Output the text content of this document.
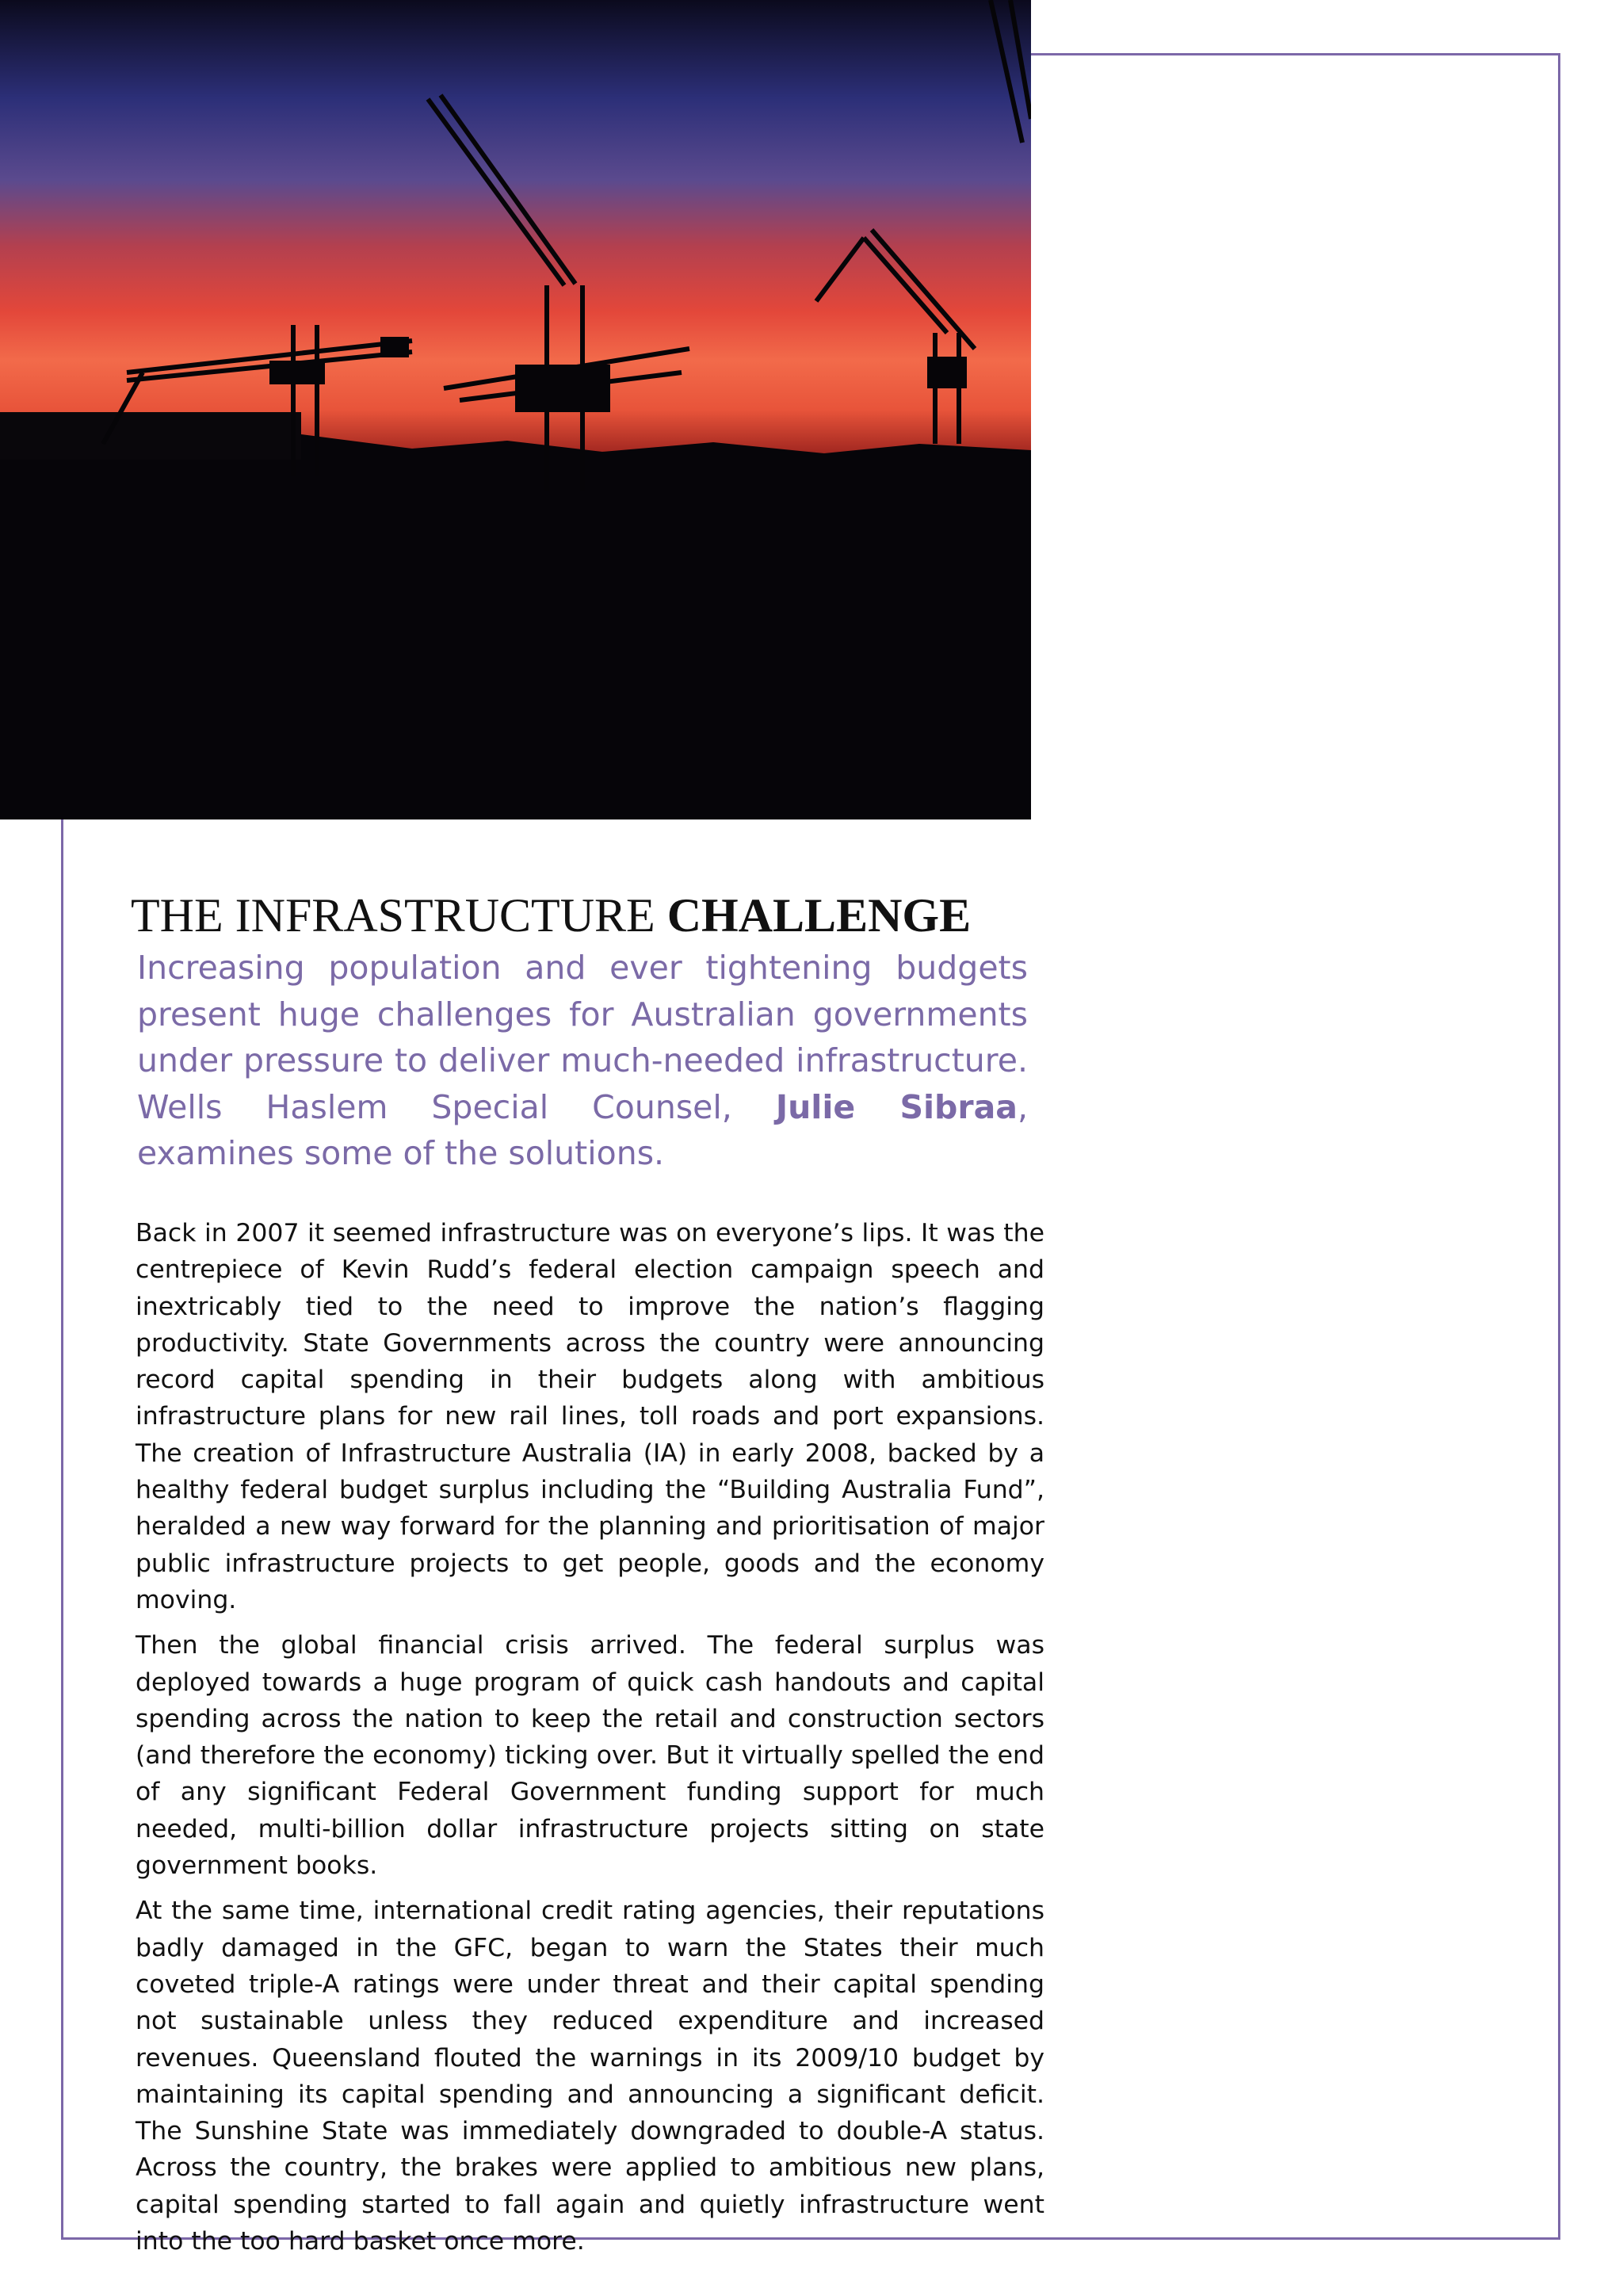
THE INFRASTRUCTURE CHALLENGE

Increasing population and ever tightening budgets present huge challenges for Australian governments under pressure to deliver much-needed infrastructure. Wells Haslem Special Counsel, Julie Sibraa, examines some of the solutions.

Back in 2007 it seemed infrastructure was on everyone’s lips. It was the centrepiece of Kevin Rudd’s federal election campaign speech and inextricably tied to the need to improve the nation’s flagging productivity. State Governments across the country were announcing record capital spending in their budgets along with ambitious infrastructure plans for new rail lines, toll roads and port expansions. The creation of Infrastructure Australia (IA) in early 2008, backed by a healthy federal budget surplus including the “Building Australia Fund”, heralded a new way forward for the planning and prioritisation of major public infrastructure projects to get people, goods and the economy moving.

Then the global financial crisis arrived. The federal surplus was deployed towards a huge program of quick cash handouts and capital spending across the nation to keep the retail and construction sectors (and therefore the economy) ticking over. But it virtually spelled the end of any significant Federal Government funding support for much needed, multi-billion dollar infrastructure projects sitting on state government books.

At the same time, international credit rating agencies, their reputations badly damaged in the GFC, began to warn the States their much coveted triple-A ratings were under threat and their capital spending not sustainable unless they reduced expenditure and increased revenues. Queensland flouted the warnings in its 2009/10 budget by maintaining its capital spending and announcing a significant deficit. The Sunshine State was immediately downgraded to double-A status. Across the country, the brakes were applied to ambitious new plans, capital spending started to fall again and quietly infrastructure went into the too hard basket once more.
